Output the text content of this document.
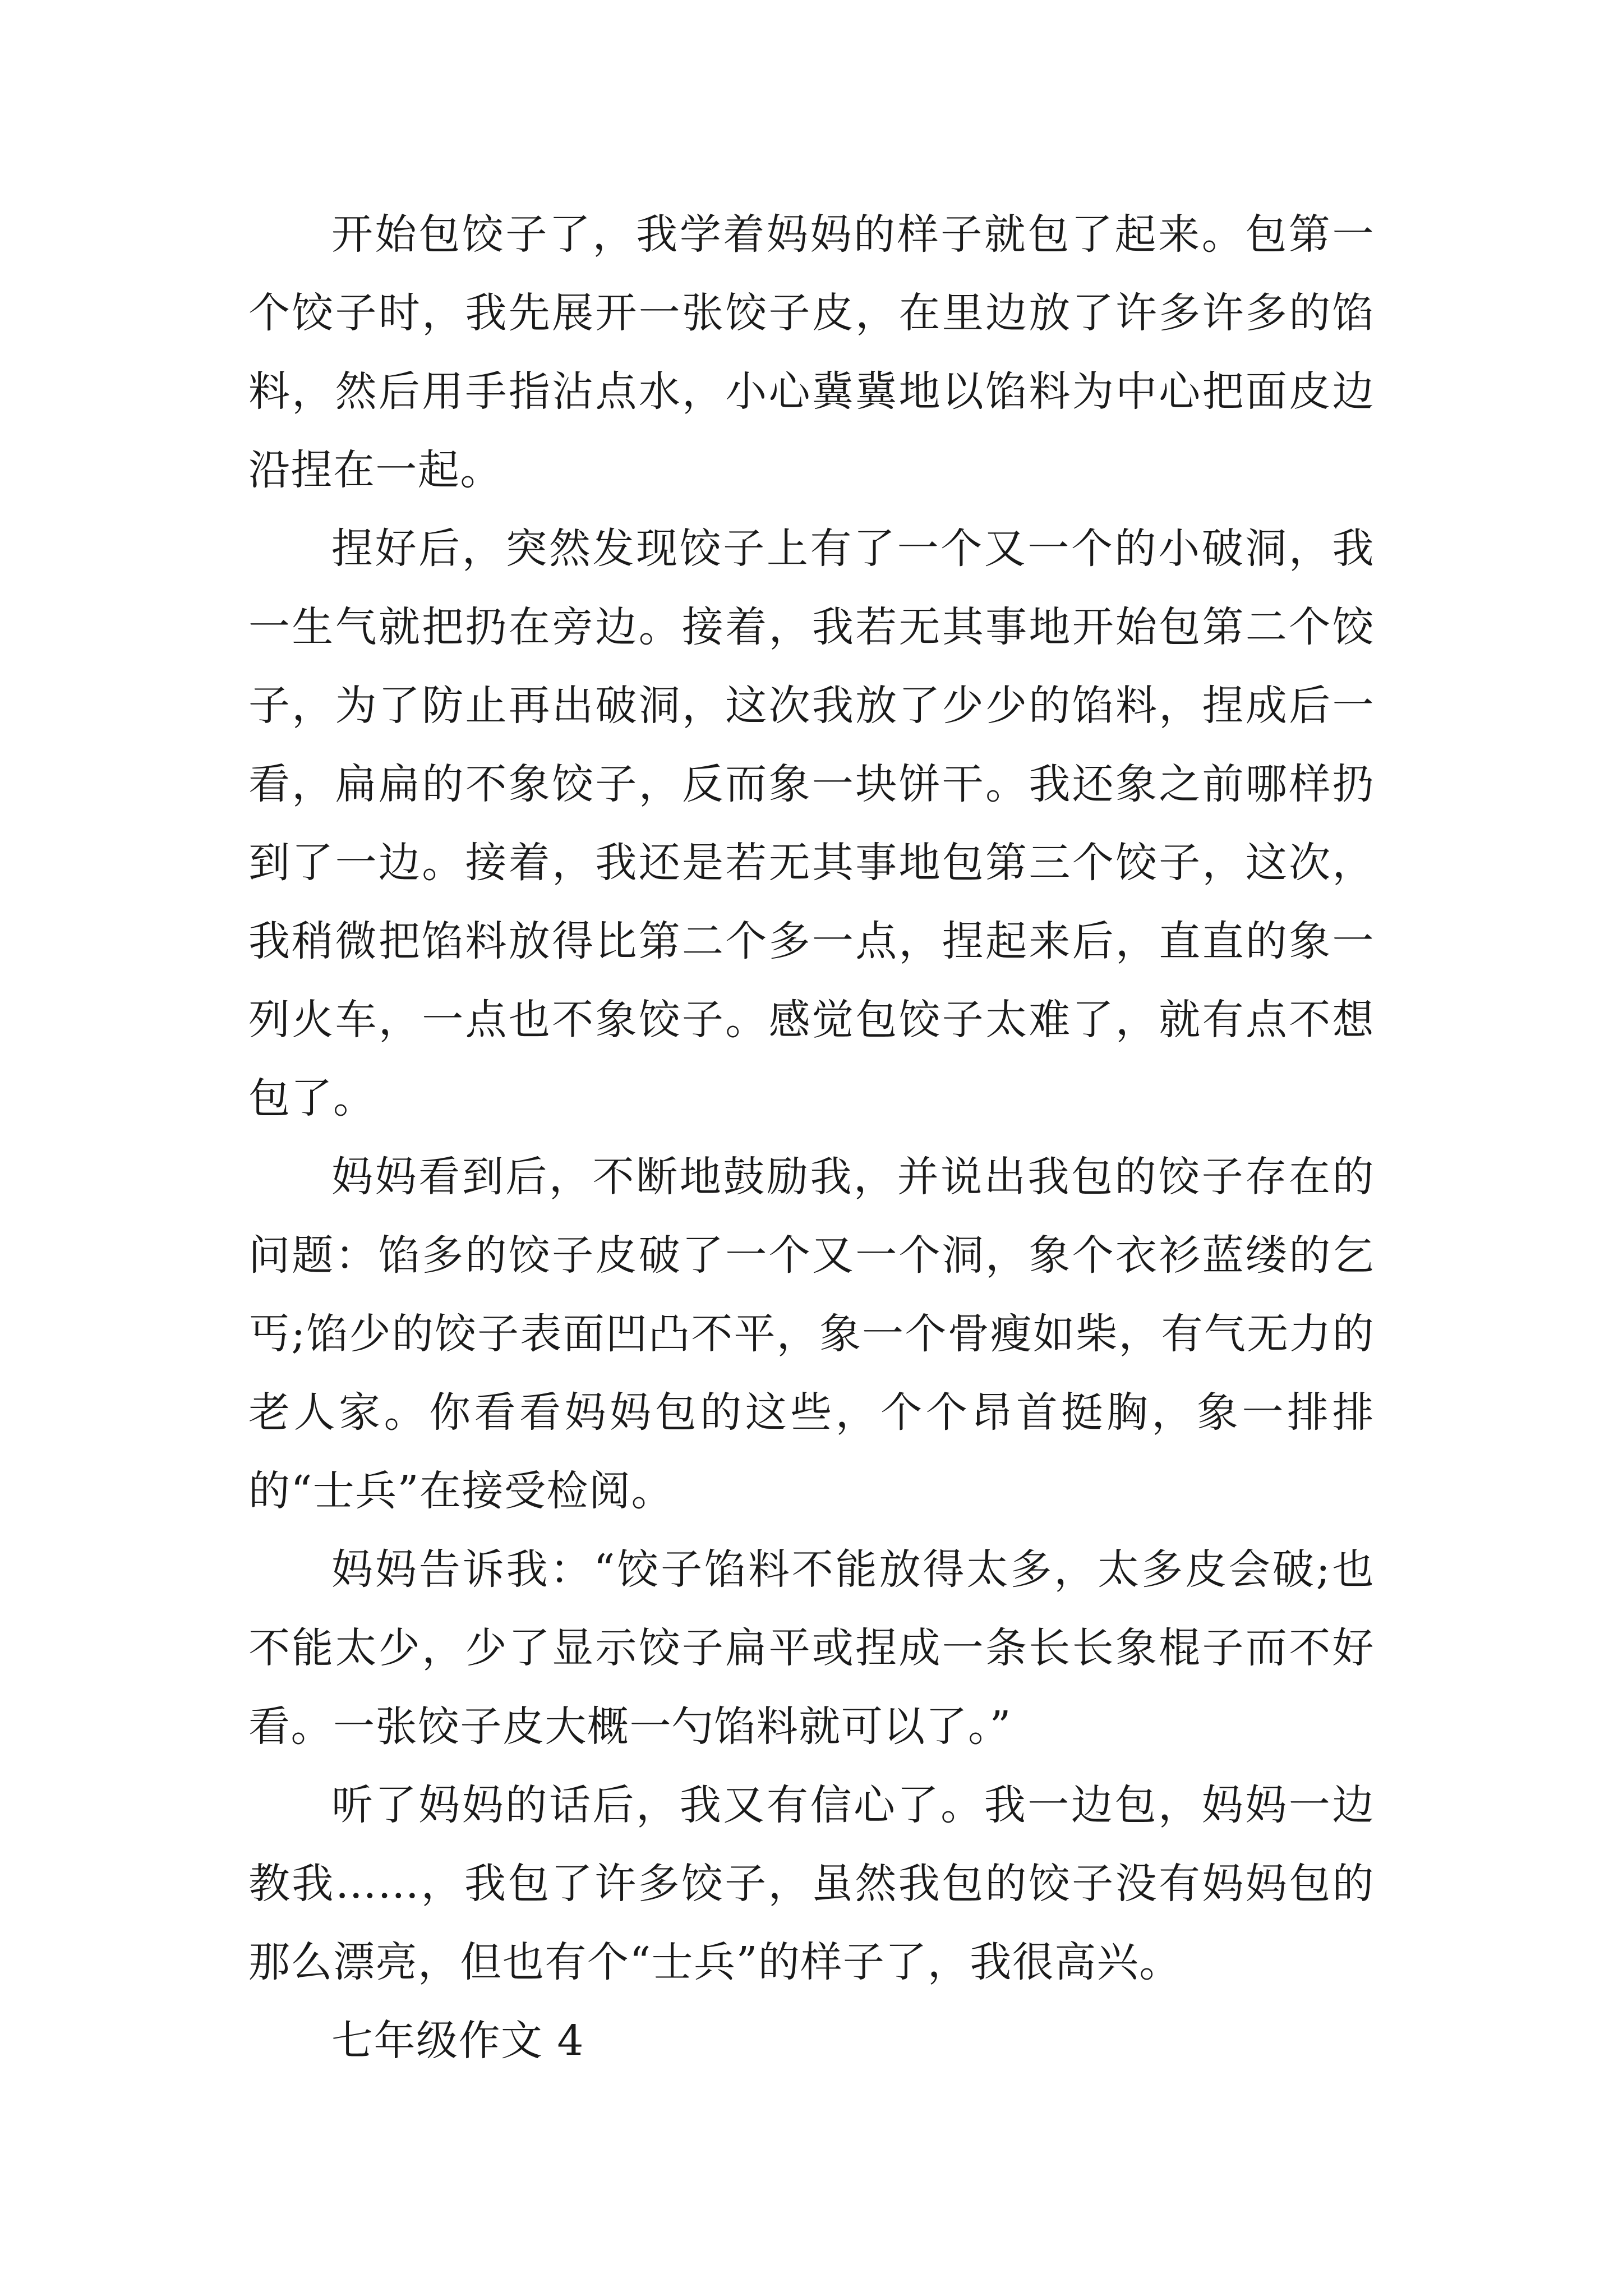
开始包饺子了，我学着妈妈的样子就包了起来。包第一个饺子时，我先展开一张饺子皮，在里边放了许多许多的馅料，然后用手指沾点水，小心冀冀地以馅料为中心把面皮边沿捏在一起。

捏好后，突然发现饺子上有了一个又一个的小破洞，我一生气就把扔在旁边。接着，我若无其事地开始包第二个饺子，为了防止再出破洞，这次我放了少少的馅料，捏成后一看，扁扁的不象饺子，反而象一块饼干。我还象之前哪样扔到了一边。接着，我还是若无其事地包第三个饺子，这次，我稍微把馅料放得比第二个多一点，捏起来后，直直的象一列火车，一点也不象饺子。感觉包饺子太难了，就有点不想包了。

妈妈看到后，不断地鼓励我，并说出我包的饺子存在的问题：馅多的饺子皮破了一个又一个洞，象个衣衫蓝缕的乞丐;馅少的饺子表面凹凸不平，象一个骨瘦如柴，有气无力的老人家。你看看妈妈包的这些，个个昂首挺胸，象一排排的“士兵”在接受检阅。

妈妈告诉我：“饺子馅料不能放得太多，太多皮会破;也不能太少，少了显示饺子扁平或捏成一条长长象棍子而不好看。一张饺子皮大概一勺馅料就可以了。”

听了妈妈的话后，我又有信心了。我一边包，妈妈一边教我……，我包了许多饺子，虽然我包的饺子没有妈妈包的那么漂亮，但也有个“士兵”的样子了，我很高兴。

七年级作文 4
